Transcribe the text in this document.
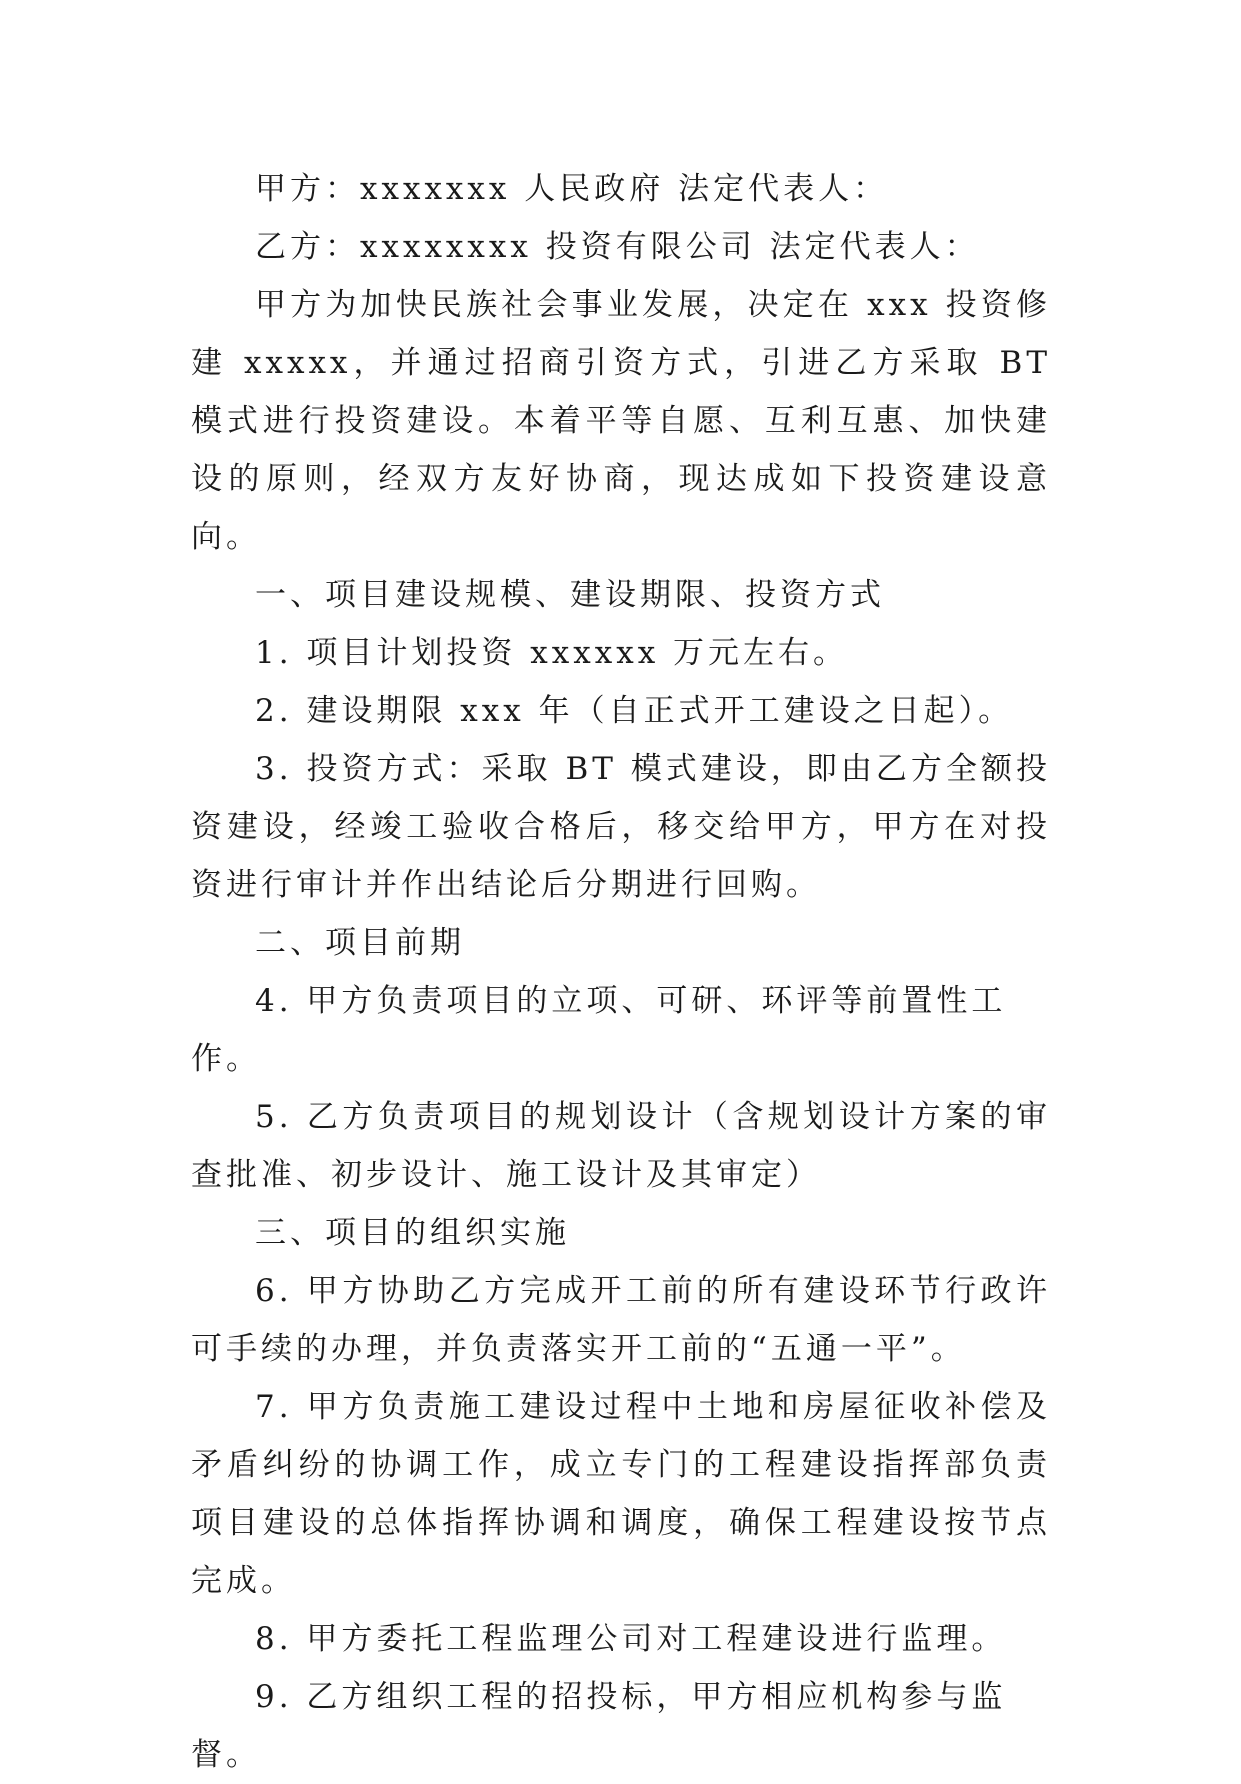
甲方：xxxxxxx 人民政府 法定代表人：

乙方：xxxxxxxx 投资有限公司 法定代表人：

甲方为加快民族社会事业发展，决定在 xxx 投资修建 xxxxx，并通过招商引资方式，引进乙方采取 BT 模式进行投资建设。本着平等自愿、互利互惠、加快建设的原则，经双方友好协商，现达成如下投资建设意向。

一、项目建设规模、建设期限、投资方式

1. 项目计划投资 xxxxxx 万元左右。

2. 建设期限 xxx 年（自正式开工建设之日起）。

3. 投资方式：采取 BT 模式建设，即由乙方全额投资建设，经竣工验收合格后，移交给甲方，甲方在对投资进行审计并作出结论后分期进行回购。

二、项目前期

4. 甲方负责项目的立项、可研、环评等前置性工作。

5. 乙方负责项目的规划设计（含规划设计方案的审查批准、初步设计、施工设计及其审定）

三、项目的组织实施

6. 甲方协助乙方完成开工前的所有建设环节行政许可手续的办理，并负责落实开工前的“五通一平”。

7. 甲方负责施工建设过程中土地和房屋征收补偿及矛盾纠纷的协调工作，成立专门的工程建设指挥部负责项目建设的总体指挥协调和调度，确保工程建设按节点完成。

8. 甲方委托工程监理公司对工程建设进行监理。

9. 乙方组织工程的招投标，甲方相应机构参与监督。
